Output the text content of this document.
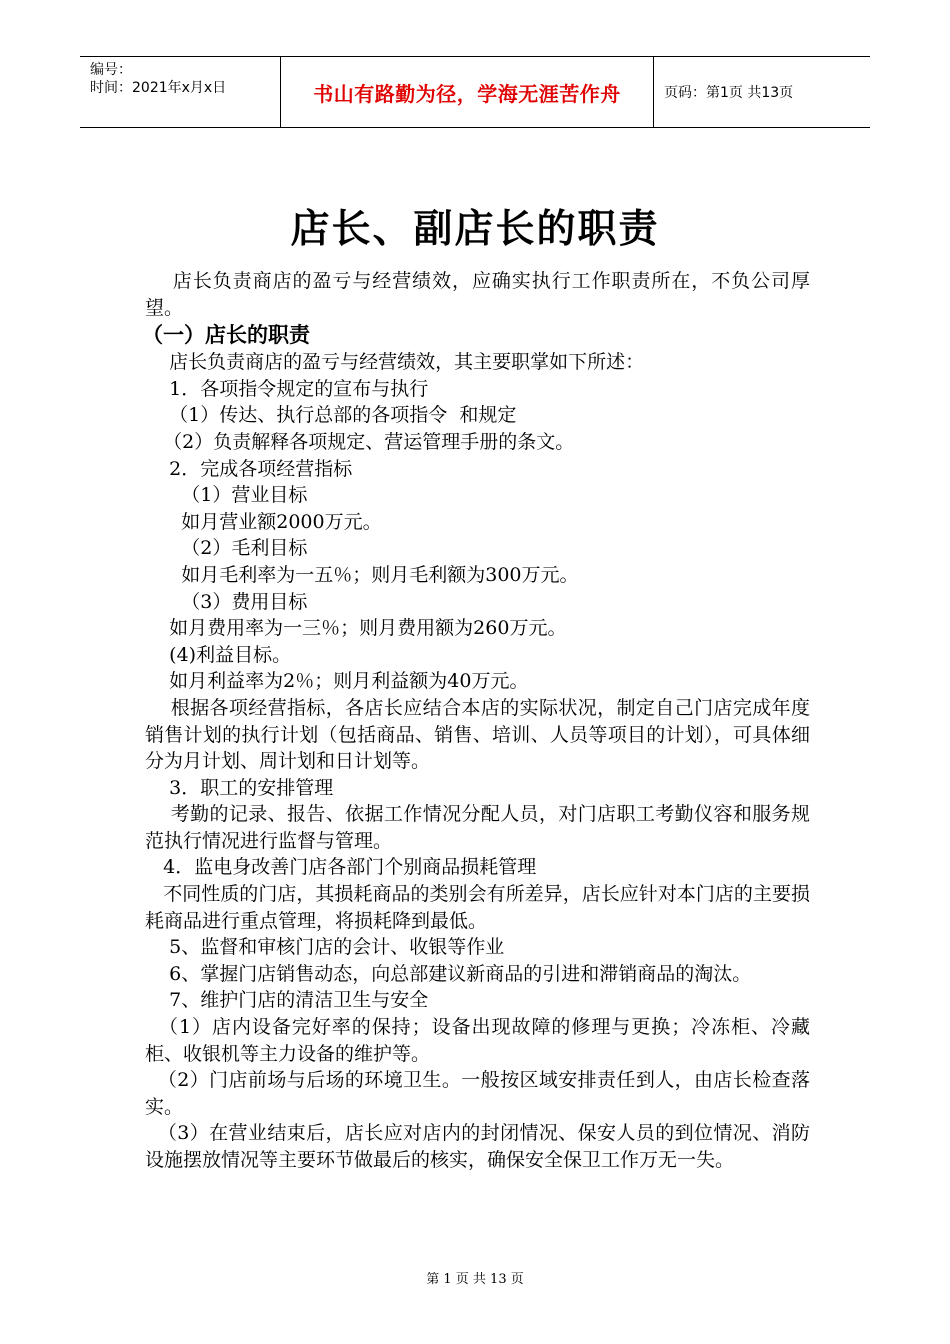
编号：
时间：2021年x月x日	书山有路勤为径，学海无涯苦作舟	页码：第1页 共13页
店长、副店长的职责

店长负责商店的盈亏与经营绩效，应确实执行工作职责所在，不负公司厚望。

（一）店长的职责

店长负责商店的盈亏与经营绩效，其主要职掌如下所述：

1．各项指令规定的宣布与执行

（1）传达、执行总部的各项指令  和规定

（2）负责解释各项规定、营运管理手册的条文。

2．完成各项经营指标

（1）营业目标

如月营业额2000万元。

（2）毛利目标

如月毛利率为一五％；则月毛利额为300万元。

（3）费用目标

如月费用率为一三％；则月费用额为260万元。

(4)利益目标。

如月利益率为2％；则月利益额为40万元。

根据各项经营指标，各店长应结合本店的实际状况，制定自己门店完成年度销售计划的执行计划（包括商品、销售、培训、人员等项目的计划），可具体细分为月计划、周计划和日计划等。

3．职工的安排管理

考勤的记录、报告、依据工作情况分配人员，对门店职工考勤仪容和服务规范执行情况进行监督与管理。

4．监电身改善门店各部门个别商品损耗管理

不同性质的门店，其损耗商品的类别会有所差异，店长应针对本门店的主要损耗商品进行重点管理，将损耗降到最低。

5、监督和审核门店的会计、收银等作业

6、掌握门店销售动态，向总部建议新商品的引进和滞销商品的淘汰。

7、维护门店的清洁卫生与安全

（1）店内设备完好率的保持；设备出现故障的修理与更换；冷冻柜、冷藏柜、收银机等主力设备的维护等。

（2）门店前场与后场的环境卫生。一般按区域安排责任到人，由店长检查落实。

（3）在营业结束后，店长应对店内的封闭情况、保安人员的到位情况、消防设施摆放情况等主要环节做最后的核实，确保安全保卫工作万无一失。

第 1 页 共 13 页
